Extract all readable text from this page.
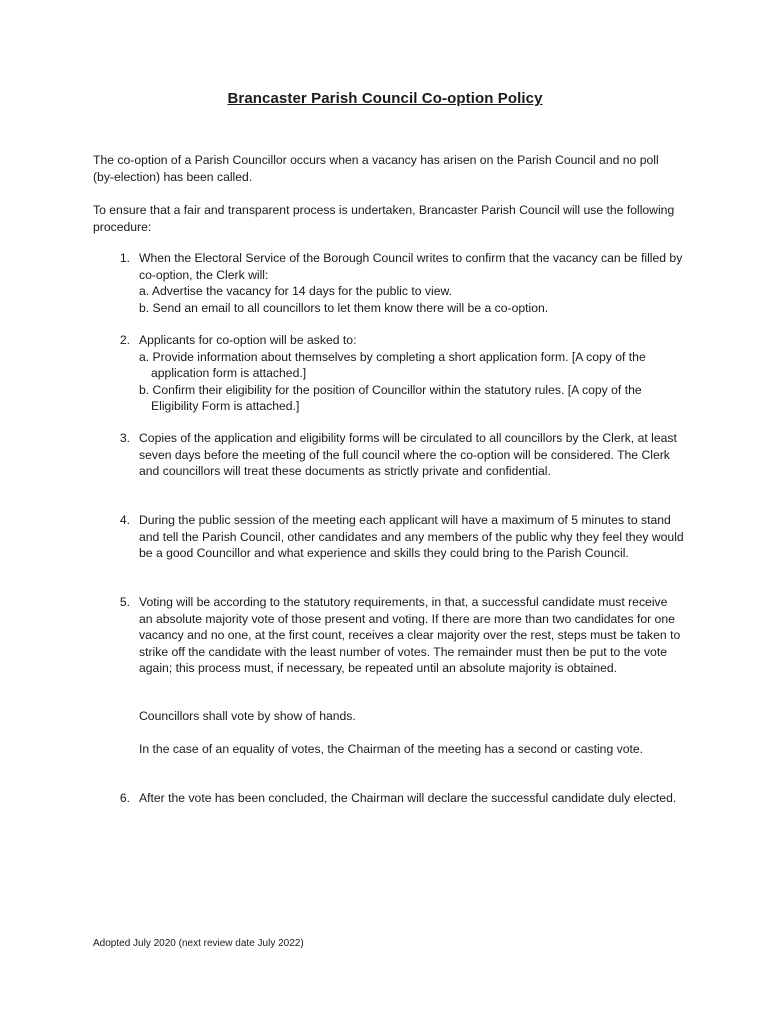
Brancaster Parish Council Co-option Policy
The co-option of a Parish Councillor occurs when a vacancy has arisen on the Parish Council and no poll (by-election) has been called.
To ensure that a fair and transparent process is undertaken, Brancaster Parish Council will use the following procedure:
1. When the Electoral Service of the Borough Council writes to confirm that the vacancy can be filled by co-option, the Clerk will:
a. Advertise the vacancy for 14 days for the public to view.
b. Send an email to all councillors to let them know there will be a co-option.
2. Applicants for co-option will be asked to:
a. Provide information about themselves by completing a short application form. [A copy of the application form is attached.]
b. Confirm their eligibility for the position of Councillor within the statutory rules. [A copy of the Eligibility Form is attached.]
3. Copies of the application and eligibility forms will be circulated to all councillors by the Clerk, at least seven days before the meeting of the full council where the co-option will be considered. The Clerk and councillors will treat these documents as strictly private and confidential.
4. During the public session of the meeting each applicant will have a maximum of 5 minutes to stand and tell the Parish Council, other candidates and any members of the public why they feel they would be a good Councillor and what experience and skills they could bring to the Parish Council.
5. Voting will be according to the statutory requirements, in that, a successful candidate must receive an absolute majority vote of those present and voting. If there are more than two candidates for one vacancy and no one, at the first count, receives a clear majority over the rest, steps must be taken to strike off the candidate with the least number of votes. The remainder must then be put to the vote again; this process must, if necessary, be repeated until an absolute majority is obtained.
Councillors shall vote by show of hands.
In the case of an equality of votes, the Chairman of the meeting has a second or casting vote.
6. After the vote has been concluded, the Chairman will declare the successful candidate duly elected.
Adopted July 2020 (next review date July 2022)
